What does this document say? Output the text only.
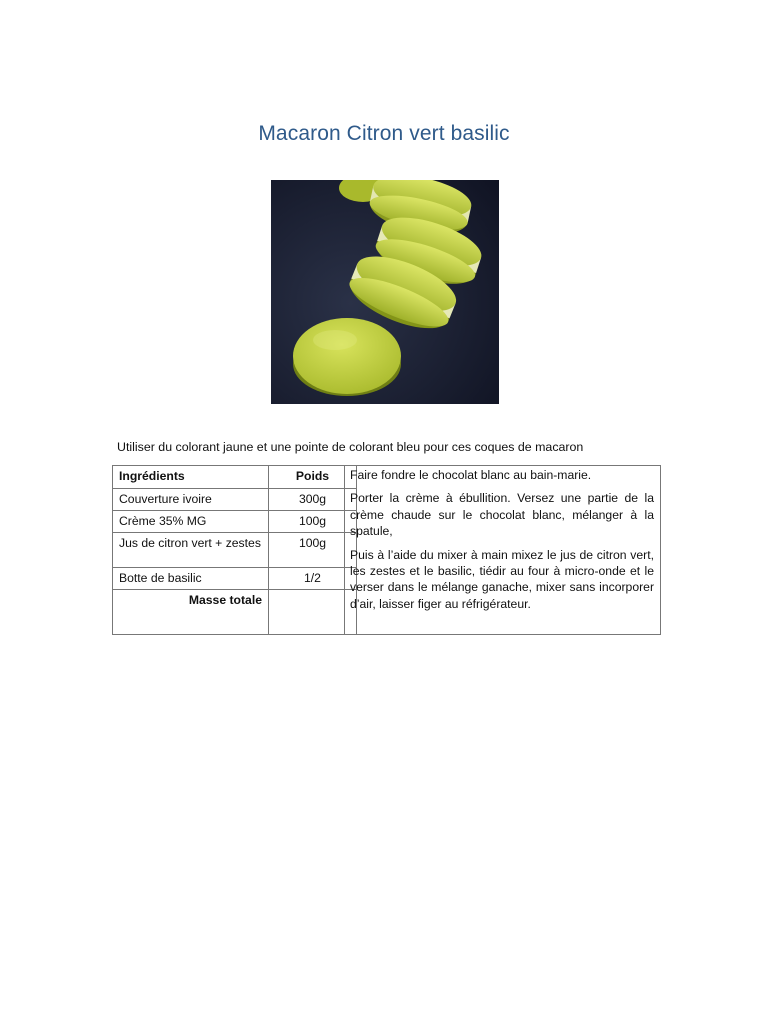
Macaron Citron vert basilic
Utiliser du colorant jaune et une pointe de colorant bleu pour ces coques de macaron
Ingrédients	Poids
Couverture ivoire	300g
Crème 35% MG	100g
Jus de citron vert + zestes	100g
Botte de basilic	1/2
Masse totale	

Faire fondre le chocolat blanc au bain-marie.

Porter la crème à ébullition. Versez une partie de la crème chaude sur le chocolat blanc, mélanger à la spatule,

Puis à l’aide du mixer à main mixez le jus de citron vert, les zestes et le basilic, tiédir au four à micro-onde et le verser dans le mélange ganache, mixer sans incorporer d’air, laisser figer au réfrigérateur.
